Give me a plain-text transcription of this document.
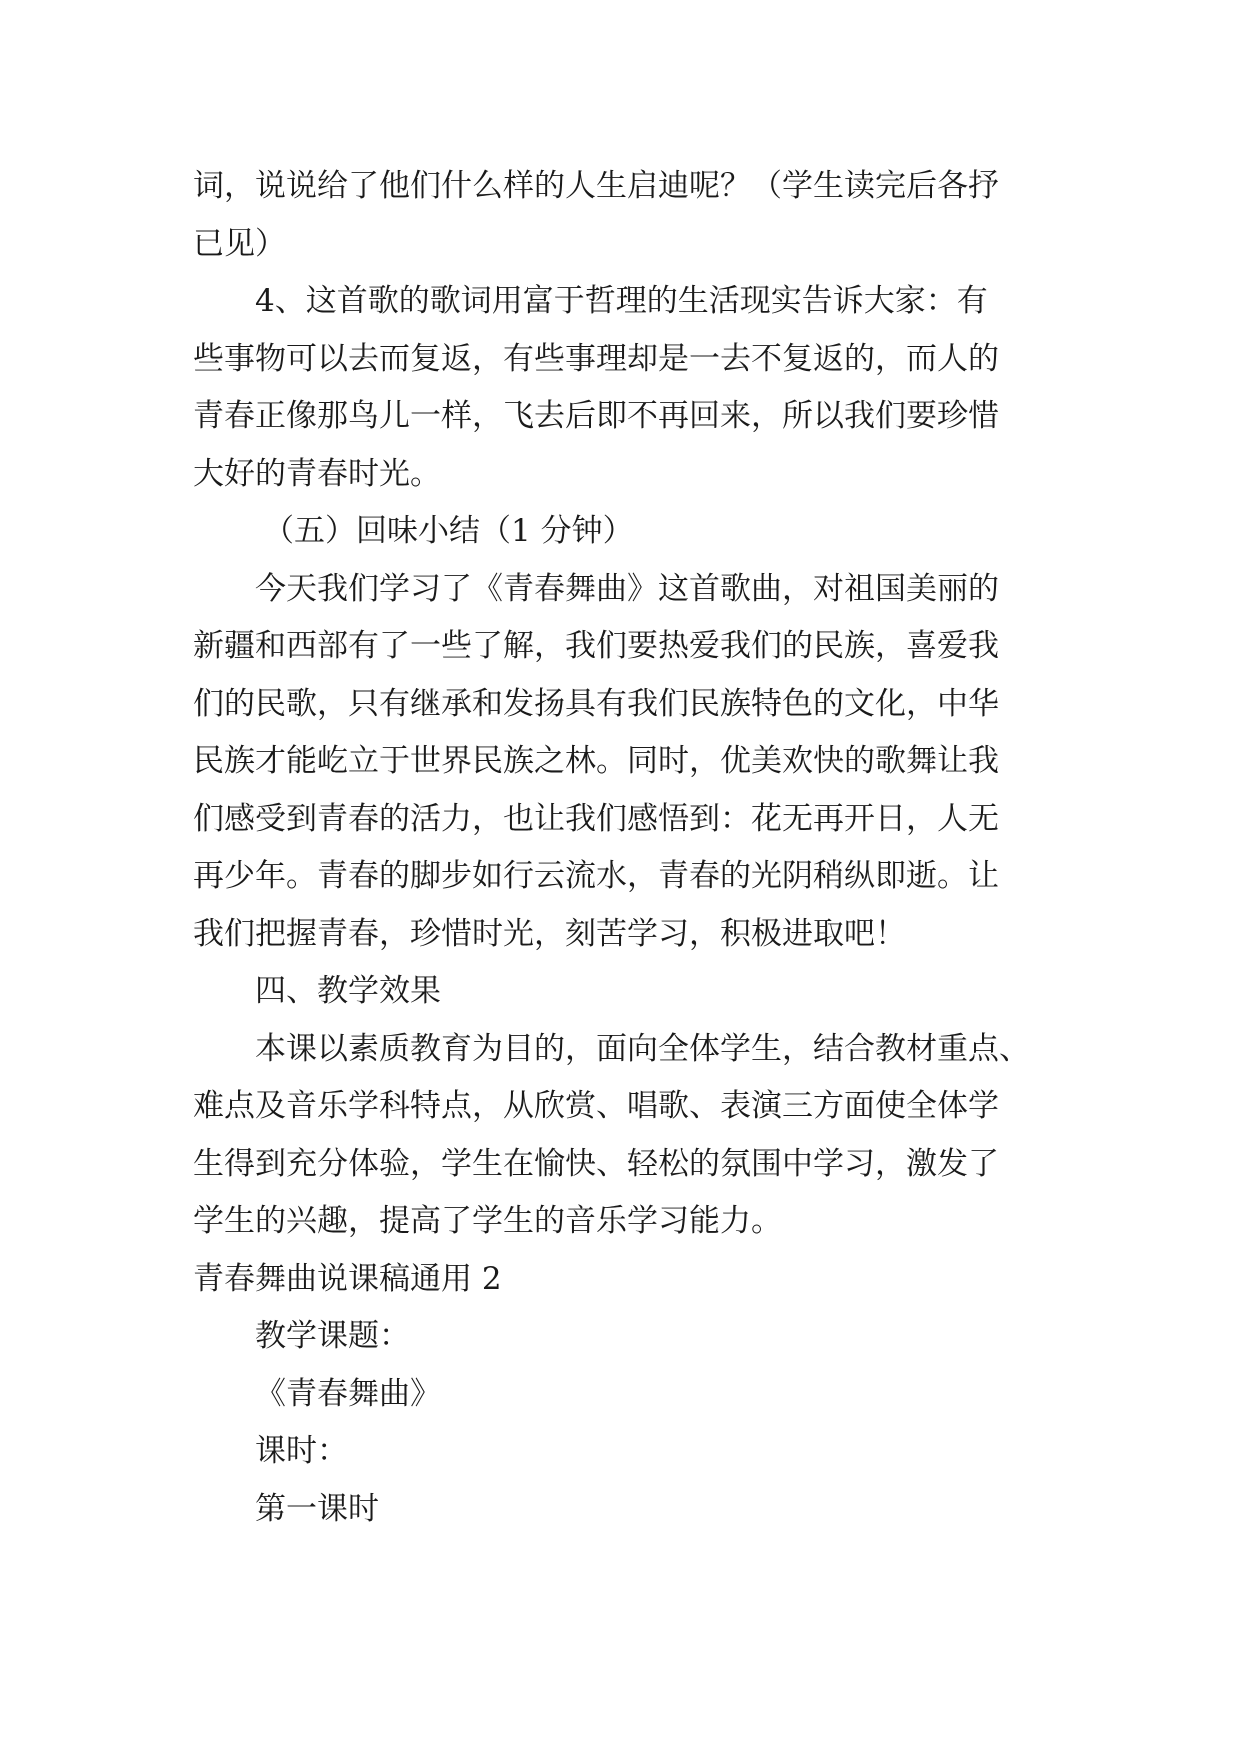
词，说说给了他们什么样的人生启迪呢？（学生读完后各抒
已见）
4、这首歌的歌词用富于哲理的生活现实告诉大家：有
些事物可以去而复返，有些事理却是一去不复返的，而人的
青春正像那鸟儿一样，飞去后即不再回来，所以我们要珍惜
大好的青春时光。
（五）回味小结（1 分钟）
今天我们学习了《青春舞曲》这首歌曲，对祖国美丽的
新疆和西部有了一些了解，我们要热爱我们的民族，喜爱我
们的民歌，只有继承和发扬具有我们民族特色的文化，中华
民族才能屹立于世界民族之林。同时，优美欢快的歌舞让我
们感受到青春的活力，也让我们感悟到：花无再开日，人无
再少年。青春的脚步如行云流水，青春的光阴稍纵即逝。让
我们把握青春，珍惜时光，刻苦学习，积极进取吧！
四、教学效果
本课以素质教育为目的，面向全体学生，结合教材重点、
难点及音乐学科特点，从欣赏、唱歌、表演三方面使全体学
生得到充分体验，学生在愉快、轻松的氛围中学习，激发了
学生的兴趣，提高了学生的音乐学习能力。
青春舞曲说课稿通用 2
教学课题：
《青春舞曲》
课时：
第一课时
